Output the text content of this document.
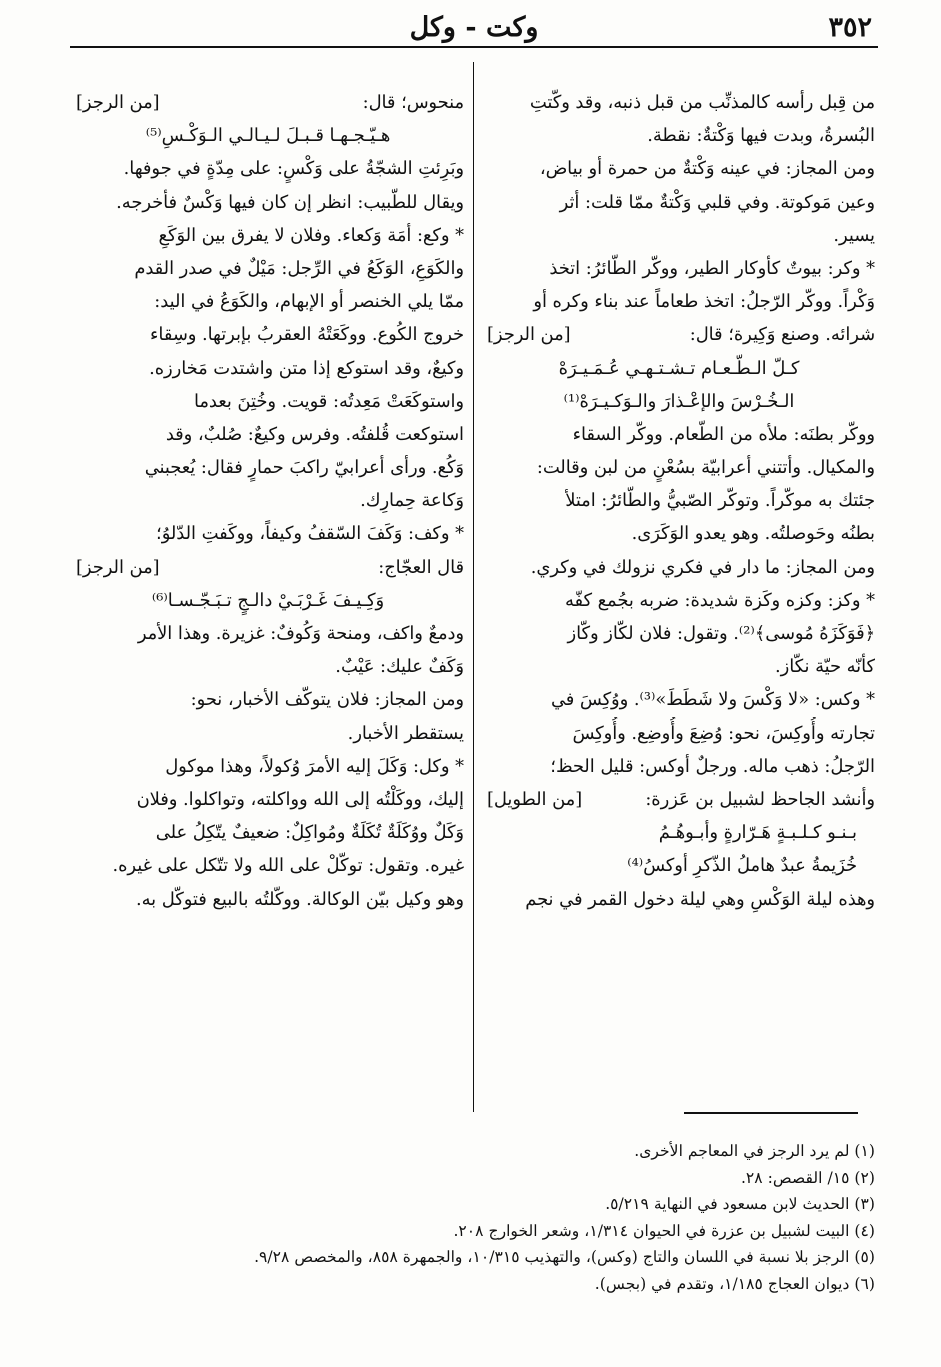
٣٥٢
وكت - وكل
من قِبل رأسه كالمذنِّب من قبل ذنبه، وقد وكّتتِ
البُسرةُ، وبدت فيها وَكْتةٌ: نقطة.
ومن المجاز: في عينه وَكْتةٌ من حمرة أو بياض،
وعين مَوكوتة. وفي قلبي وَكْتةٌ ممّا قلت: أثر
يسير.
* وكر: بيوتٌ كأوكار الطير، ووكّر الطّائرُ: اتخذ
وَكْراً. ووكّر الرّجلُ: اتخذ طعاماً عند بناء وكره أو
[من الرجز]	شرائه. وصنع وَكِيرة؛ قال:
كـلّ الـطّـعـام تـشـتـهـي عُـمَـيـرَهْ
الـخُـرْسَ والإعْـذارَ والـوَكـيـرَهْ⁽¹⁾
ووكّر بطنَه: ملأه من الطّعام. ووكّر السقاء
والمكيال. وأتتني أعرابيّة بسُعْنٍ من لبن وقالت:
جئتك به موكّراً. وتوكّر الصّبيُّ والطّائرُ: امتلأ
بطنُه وحَوصلتُه. وهو يعدو الوَكَرَى.
ومن المجاز: ما دار في فكري نزولك في وكري.
* وكز: وكزه وكَزة شديدة: ضربه بجُمع كفّه
﴿فَوَكَزَهُ مُوسى﴾⁽²⁾. وتقول: فلان لكّاز وكّاز
كأنّه حيّة نكّاز.
* وكس: «لا وَكْسَ ولا شَطَطَ»⁽³⁾. ووُكِسَ في
تجارته وأُوكِسَ، نحو: وُضِعَ وأُوضِع. وأُوكِسَ
الرّجلُ: ذهب ماله. ورجلٌ أوكس: قليل الحظ؛
[من الطويل]	وأنشد الجاحظ لشبيل بن عَزرة:
بـنـو كـلـبـةٍ هَـرّارةٍ وأبـوهُـمُ
خُزَيمةُ عبدٌ هاملُ الذّكرِ أوكسُ⁽⁴⁾
وهذه ليلة الوَكْسِ وهي ليلة دخول القمر في نجم
[من الرجز]	منحوس؛ قال:
هـيّـجـهـا قـبـلَ لـيـالـي الـوَكْـسِ⁽⁵⁾
وبَرِئتِ الشجّةُ على وَكْسٍ: على مِدّةٍ في جوفها.
ويقال للطّبيب: انظر إن كان فيها وَكْسٌ فأخرجه.
* وكع: أمَة وَكعاء. وفلان لا يفرق بين الوَكَعِ
والكَوَعِ، الوَكَعُ في الرِّجل: مَيْلٌ في صدر القدم
ممّا يلي الخنصر أو الإبهام، والكَوَعُ في اليد:
خروج الكُوع. ووكَعَتْهُ العقربُ بإبرتها. وسِقاء
وكيعٌ، وقد استوكع إذا متن واشتدت مَخارزه.
واستوكَعَتْ مَعِدتُه: قويت. وخُتِنَ بعدما
استوكعت قُلفتُه. وفرس وكيعٌ: صُلبٌ، وقد
وَكُع. ورأى أعرابيّ راكبَ حمارٍ فقال: يُعجبني
وَكاعة حِمارِك.
* وكف: وَكَفَ السّقفُ وكيفاً، ووكَفتِ الدّلوُ؛
[من الرجز]	قال العجّاج:
وَكِـيـفَ غَـرْبَـيْ دالـجٍ تـبَـجّـسـا⁽⁶⁾
ودمعٌ واكف، ومنحة وَكُوفٌ: غزيرة. وهذا الأمر
وَكَفٌ عليك: عَيْبٌ.
ومن المجاز: فلان يتوكّف الأخبار، نحو:
يستقطر الأخبار.
* وكل: وَكَلَ إليه الأمرَ وُكولاً، وهذا موكول
إليك، ووكَلْتُه إلى الله وواكلته، وتواكلوا. وفلان
وَكَلٌ ووُكَلَةٌ تُكَلَةٌ ومُواكِلٌ: ضعيفٌ يتّكِلُ على
غيره. وتقول: توكّلْ على الله ولا تتّكل على غيره.
وهو وكيل بيّن الوكالة. ووكّلتُه بالبيع فتوكّل به.
(١) لم يرد الرجز في المعاجم الأخرى.
(٢) ١٥/ القصص: ٢٨.
(٣) الحديث لابن مسعود في النهاية ٥/٢١٩.
(٤) البيت لشبيل بن عزرة في الحيوان ١/٣١٤، وشعر الخوارج ٢٠٨.
(٥) الرجز بلا نسبة في اللسان والتاج (وكس)، والتهذيب ١٠/٣١٥، والجمهرة ٨٥٨، والمخصص ٩/٢٨.
(٦) ديوان العجاج ١/١٨٥، وتقدم في (بجس).
